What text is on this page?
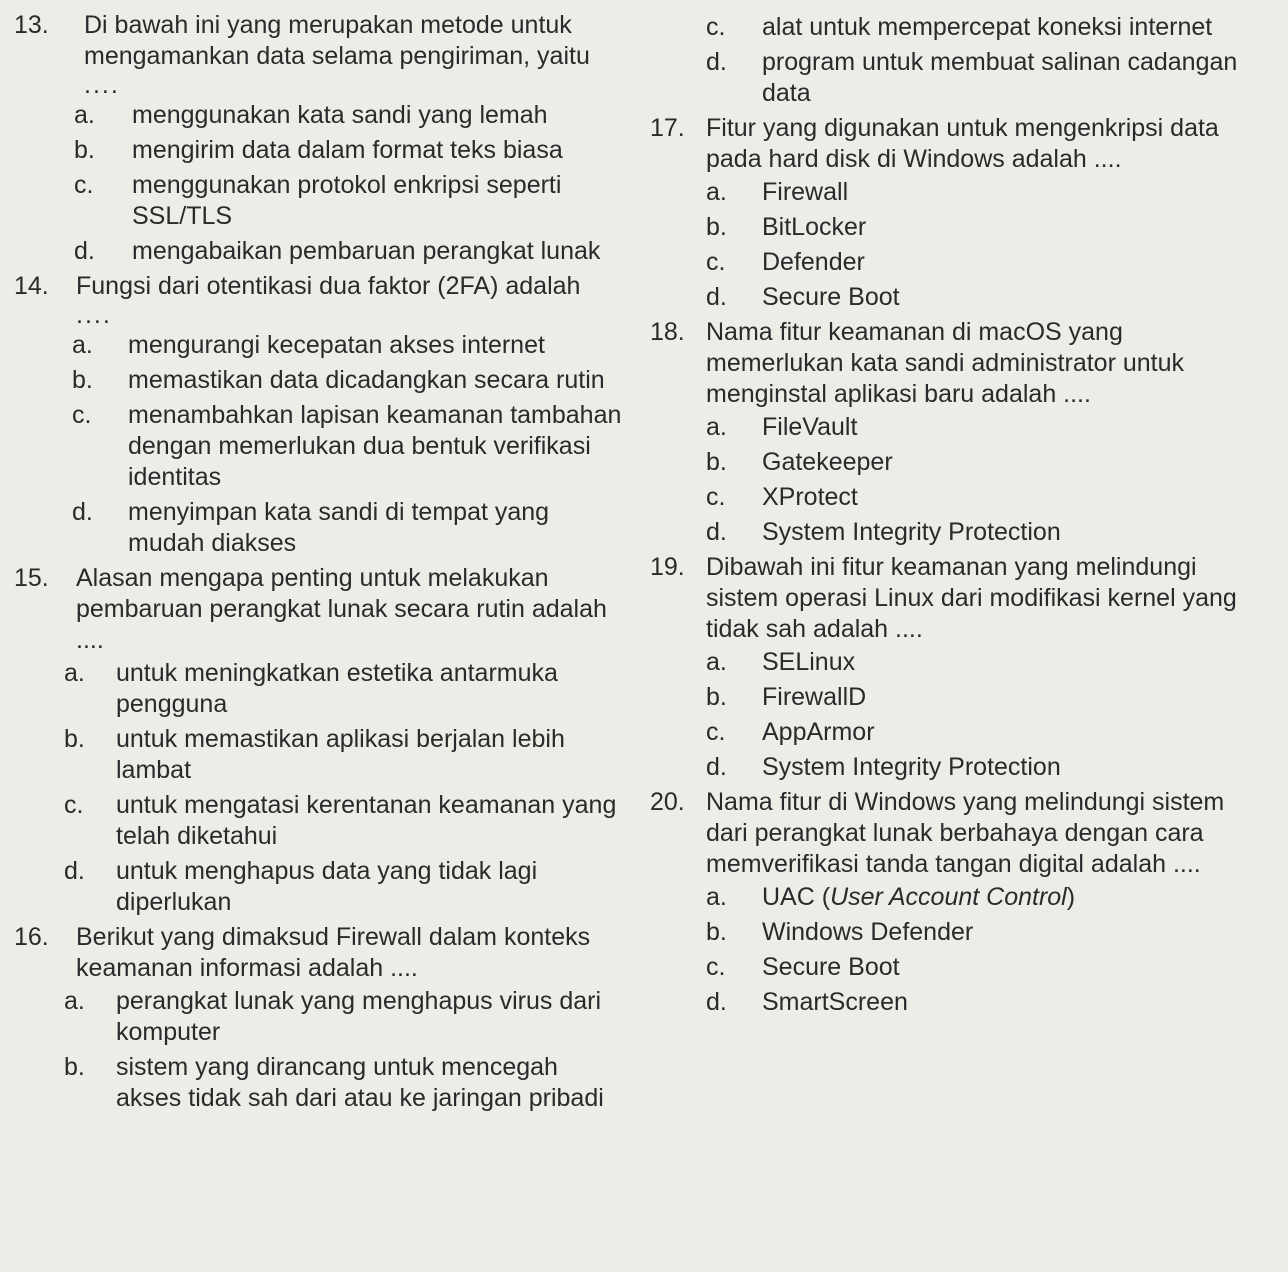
13. Di bawah ini yang merupakan metode untuk mengamankan data selama pengiriman, yaitu
....
a. menggunakan kata sandi yang lemah
b. mengirim data dalam format teks biasa
c. menggunakan protokol enkripsi seperti SSL/TLS
d. mengabaikan pembaruan perangkat lunak
14. Fungsi dari otentikasi dua faktor (2FA) adalah
....
a. mengurangi kecepatan akses internet
b. memastikan data dicadangkan secara rutin
c. menambahkan lapisan keamanan tambahan dengan memerlukan dua bentuk verifikasi identitas
d. menyimpan kata sandi di tempat yang mudah diakses
15. Alasan mengapa penting untuk melakukan pembaruan perangkat lunak secara rutin adalah ....
a. untuk meningkatkan estetika antarmuka pengguna
b. untuk memastikan aplikasi berjalan lebih lambat
c. untuk mengatasi kerentanan keamanan yang telah diketahui
d. untuk menghapus data yang tidak lagi diperlukan
16. Berikut yang dimaksud Firewall dalam konteks keamanan informasi adalah ....
a. perangkat lunak yang menghapus virus dari komputer
b. sistem yang dirancang untuk mencegah akses tidak sah dari atau ke jaringan pribadi
c. alat untuk mempercepat koneksi internet
d. program untuk membuat salinan cadangan data
17. Fitur yang digunakan untuk mengenkripsi data pada hard disk di Windows adalah ....
a. Firewall
b. BitLocker
c. Defender
d. Secure Boot
18. Nama fitur keamanan di macOS yang memerlukan kata sandi administrator untuk menginstal aplikasi baru adalah ....
a. FileVault
b. Gatekeeper
c. XProtect
d. System Integrity Protection
19. Dibawah ini fitur keamanan yang melindungi sistem operasi Linux dari modifikasi kernel yang tidak sah adalah ....
a. SELinux
b. FirewallD
c. AppArmor
d. System Integrity Protection
20. Nama fitur di Windows yang melindungi sistem dari perangkat lunak berbahaya dengan cara memverifikasi tanda tangan digital adalah ....
a. UAC (User Account Control)
b. Windows Defender
c. Secure Boot
d. SmartScreen
